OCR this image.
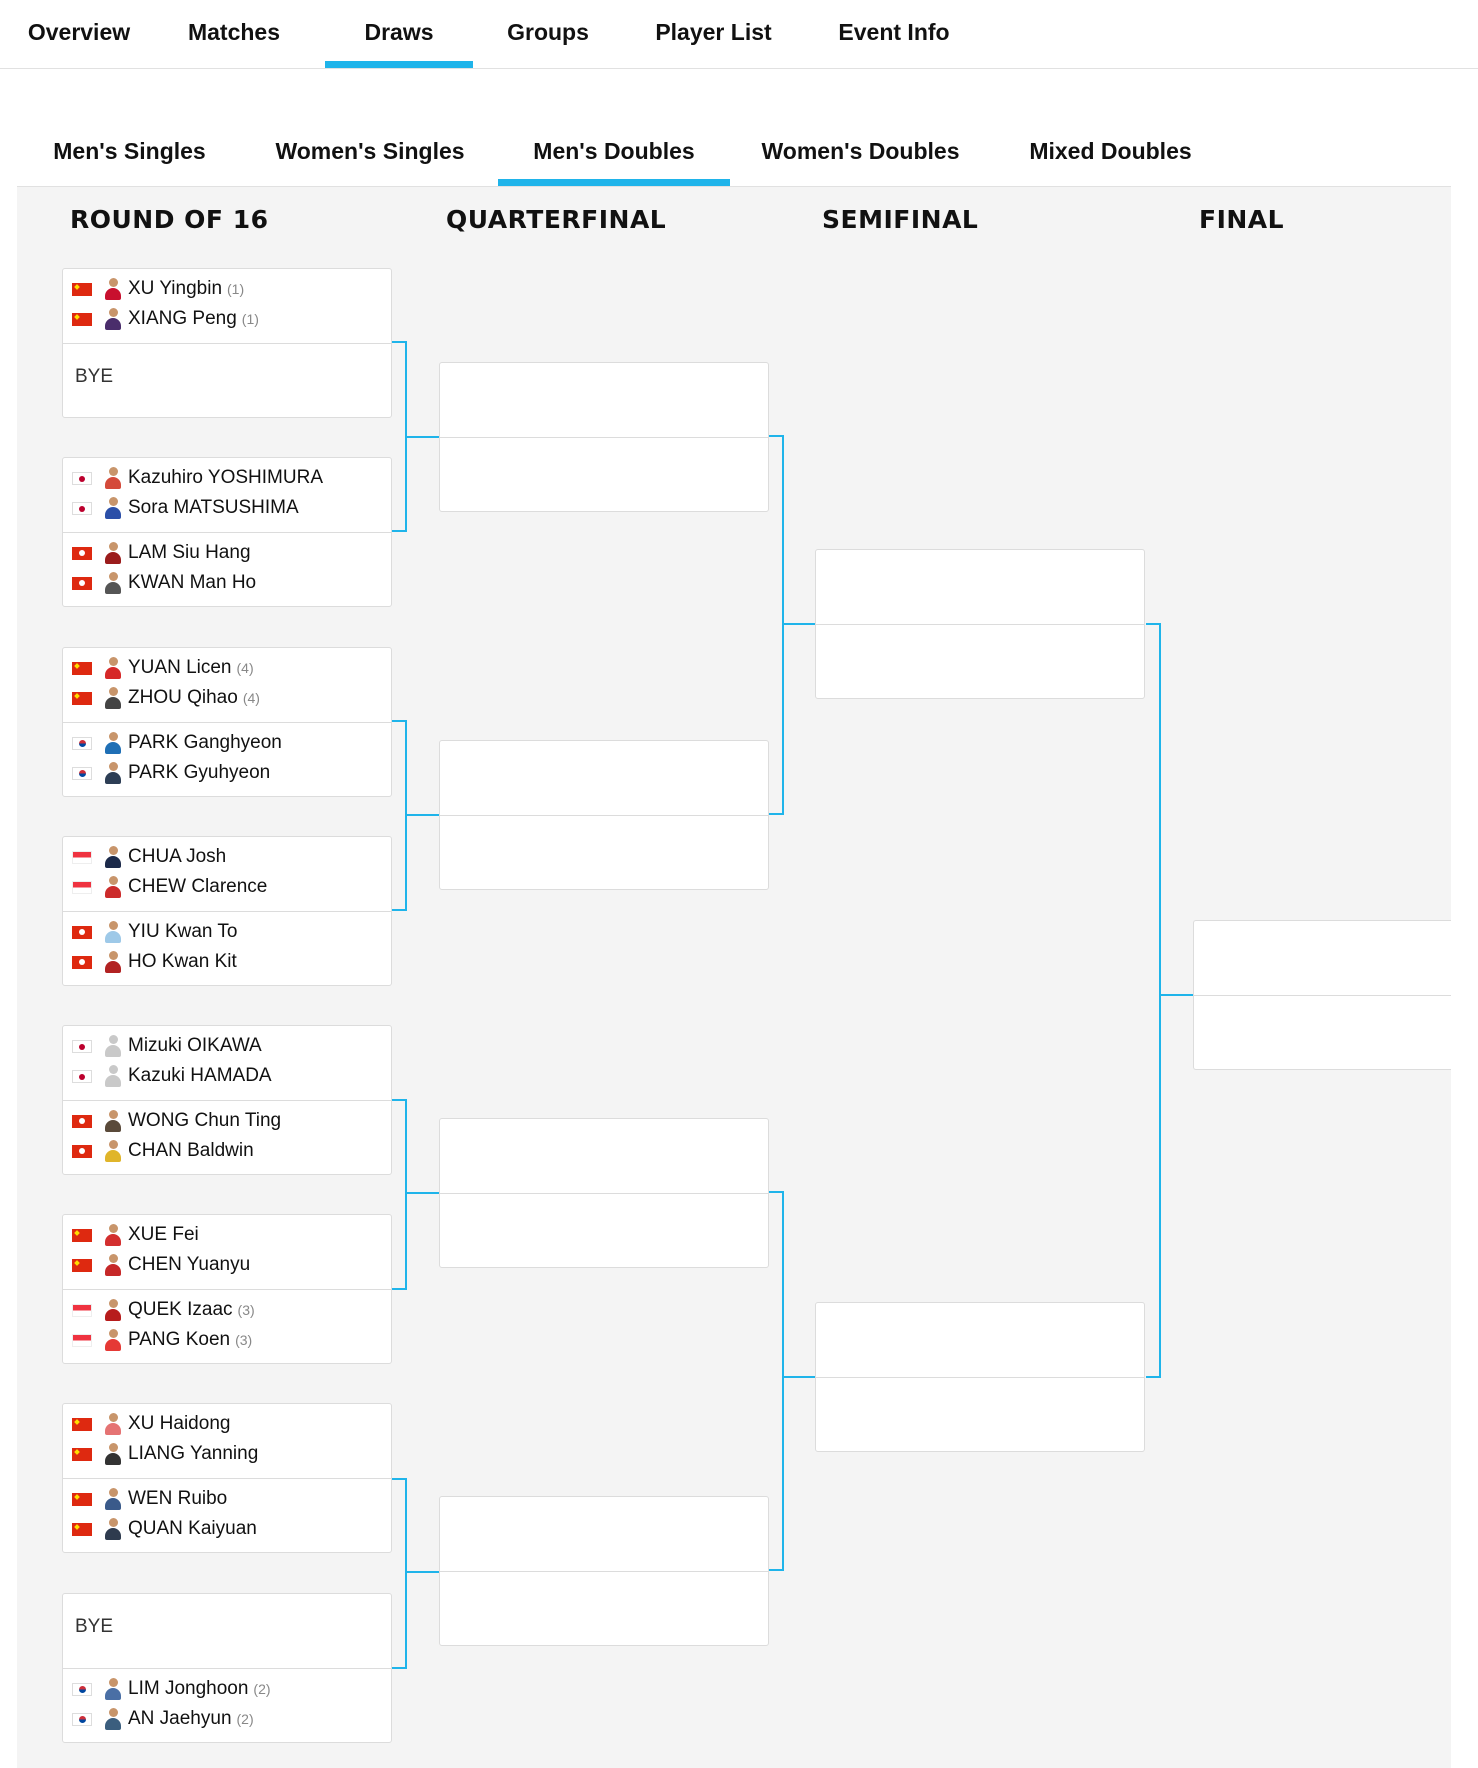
Overview	Matches	Draws	Groups	Player List	Event Info
Men's Singles	Women's Singles	Men's Doubles	Women's Doubles	Mixed Doubles
ROUND OF 16	QUARTERFINAL	SEMIFINAL	FINAL
XU Yingbin (1)
XIANG Peng (1)
BYE
Kazuhiro YOSHIMURA
Sora MATSUSHIMA
LAM Siu Hang
KWAN Man Ho
YUAN Licen (4)
ZHOU Qihao (4)
PARK Ganghyeon
PARK Gyuhyeon
CHUA Josh
CHEW Clarence
YIU Kwan To
HO Kwan Kit
Mizuki OIKAWA
Kazuki HAMADA
WONG Chun Ting
CHAN Baldwin
XUE Fei
CHEN Yuanyu
QUEK Izaac (3)
PANG Koen (3)
XU Haidong
LIANG Yanning
WEN Ruibo
QUAN Kaiyuan
BYE
LIM Jonghoon (2)
AN Jaehyun (2)
